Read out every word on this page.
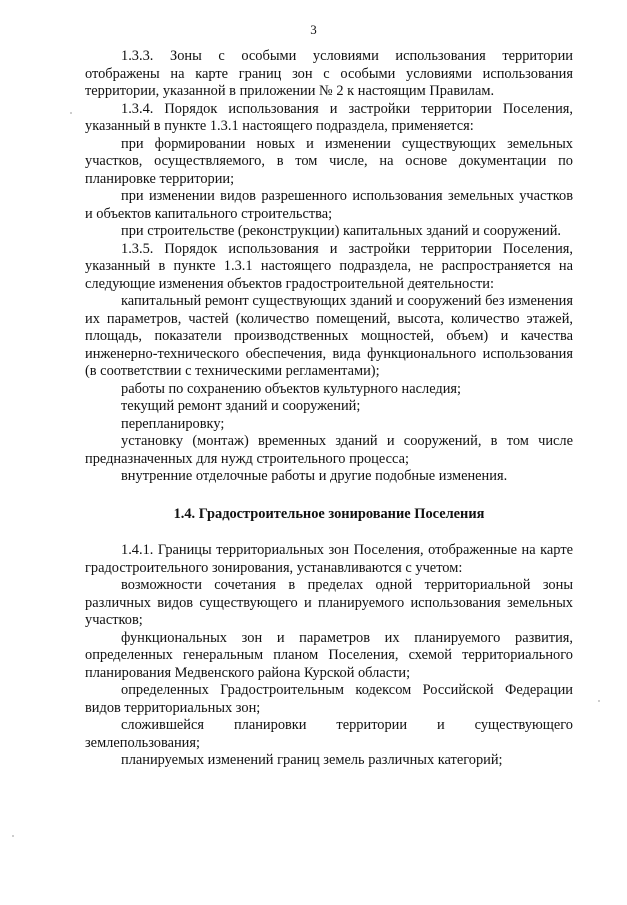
3

1.3.3. Зоны с особыми условиями использования территории отображены на карте границ зон с особыми условиями использования территории, указанной в приложении № 2 к настоящим Правилам.

1.3.4. Порядок использования и застройки территории Поселения, указанный в пункте 1.3.1 настоящего подраздела, применяется:

при формировании новых и изменении существующих земельных участков, осуществляемого, в том числе, на основе документации по планировке территории;

при изменении видов разрешенного использования земельных участков и объектов капитального строительства;

при строительстве (реконструкции) капитальных зданий и сооружений.

1.3.5. Порядок использования и застройки территории Поселения, указанный в пункте 1.3.1 настоящего подраздела, не распространяется на следующие изменения объектов градостроительной деятельности:

капитальный ремонт существующих зданий и сооружений без изменения их параметров, частей (количество помещений, высота, количество этажей, площадь, показатели производственных мощностей, объем) и качества инженерно-технического обеспечения, вида функционального использования (в соответствии с техническими регламентами);

работы по сохранению объектов культурного наследия;

текущий ремонт зданий и сооружений;

перепланировку;

установку (монтаж) временных зданий и сооружений, в том числе предназначенных для нужд строительного процесса;

внутренние отделочные работы и другие подобные изменения.

1.4. Градостроительное зонирование Поселения

1.4.1. Границы территориальных зон Поселения, отображенные на карте градостроительного зонирования, устанавливаются с учетом:

возможности сочетания в пределах одной территориальной зоны различных видов существующего и планируемого использования земельных участков;

функциональных зон и параметров их планируемого развития, определенных генеральным планом Поселения, схемой территориального планирования Медвенского района Курской области;

определенных Градостроительным кодексом Российской Федерации видов территориальных зон;

сложившейся планировки территории и существующего землепользования;

планируемых изменений границ земель различных категорий;
